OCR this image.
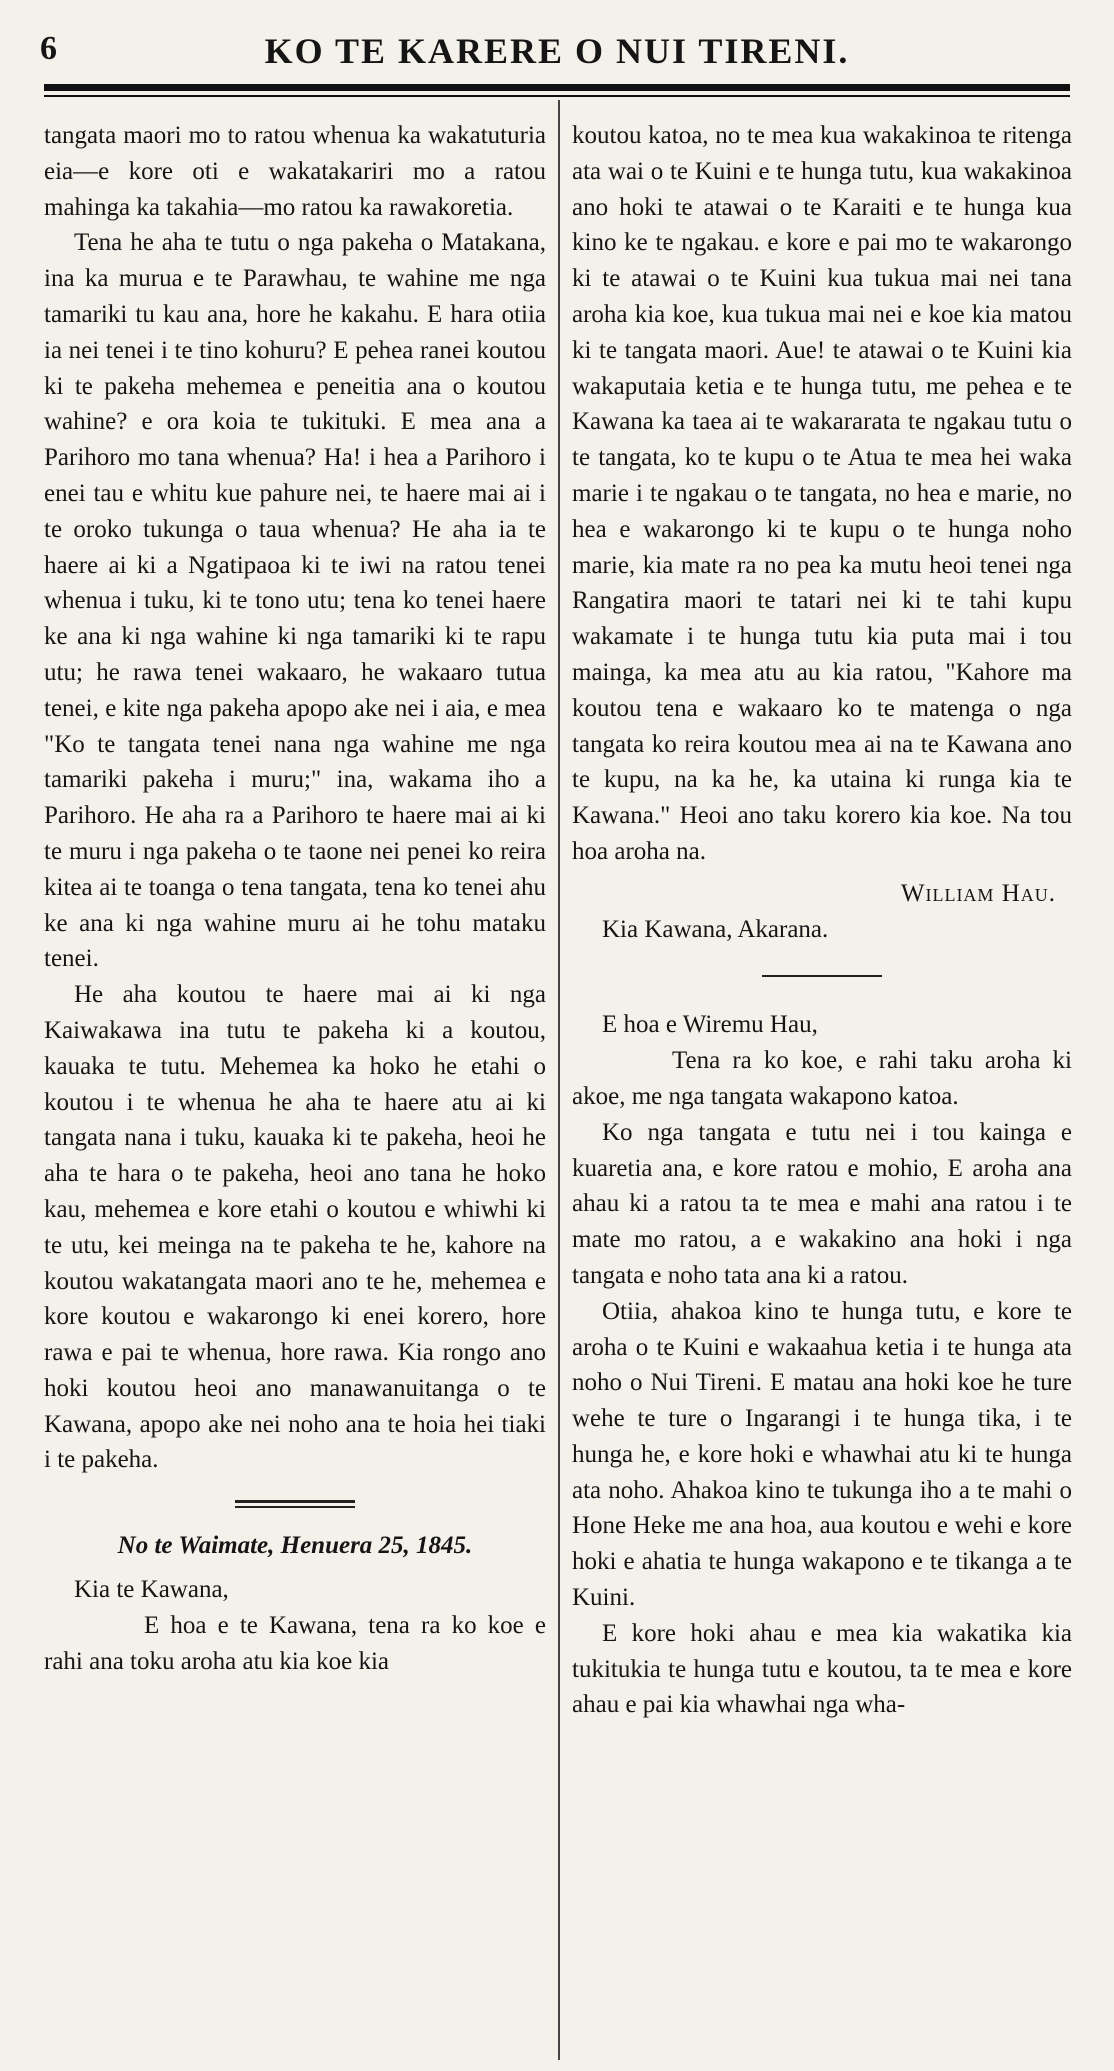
6	KO TE KARERE O NUI TIRENI.

tangata maori mo to ratou whenua ka wakatuturia eia—e kore oti e wakatakariri mo a ratou mahinga ka takahia—mo ratou ka rawakoretia.

Tena he aha te tutu o nga pakeha o Matakana, ina ka murua e te Parawhau, te wahine me nga tamariki tu kau ana, hore he kakahu. E hara otiia ia nei tenei i te tino kohuru? E pehea ranei koutou ki te pakeha mehemea e peneitia ana o koutou wahine? e ora koia te tukituki. E mea ana a Parihoro mo tana whenua? Ha! i hea a Parihoro i enei tau e whitu kue pahure nei, te haere mai ai i te oroko tukunga o taua whenua? He aha ia te haere ai ki a Ngatipaoa ki te iwi na ratou tenei whenua i tuku, ki te tono utu; tena ko tenei haere ke ana ki nga wahine ki nga tamariki ki te rapu utu; he rawa tenei wakaaro, he wakaaro tutua tenei, e kite nga pakeha apopo ake nei i aia, e mea "Ko te tangata tenei nana nga wahine me nga tamariki pakeha i muru;" ina, wakama iho a Parihoro. He aha ra a Parihoro te haere mai ai ki te muru i nga pakeha o te taone nei penei ko reira kitea ai te toanga o tena tangata, tena ko tenei ahu ke ana ki nga wahine muru ai he tohu mataku tenei.

He aha koutou te haere mai ai ki nga Kaiwakawa ina tutu te pakeha ki a koutou, kauaka te tutu. Mehemea ka hoko he etahi o koutou i te whenua he aha te haere atu ai ki tangata nana i tuku, kauaka ki te pakeha, heoi he aha te hara o te pakeha, heoi ano tana he hoko kau, mehemea e kore etahi o koutou e whiwhi ki te utu, kei meinga na te pakeha te he, kahore na koutou wakatangata maori ano te he, mehemea e kore koutou e wakarongo ki enei korero, hore rawa e pai te whenua, hore rawa. Kia rongo ano hoki koutou heoi ano manawanuitanga o te Kawana, apopo ake nei noho ana te hoia hei tiaki i te pakeha.

No te Waimate, Henuera 25, 1845.

Kia te Kawana,

E hoa e te Kawana, tena ra ko koe e rahi ana toku aroha atu kia koe kia

koutou katoa, no te mea kua wakakinoa te ritenga ata wai o te Kuini e te hunga tutu, kua wakakinoa ano hoki te atawai o te Karaiti e te hunga kua kino ke te ngakau. e kore e pai mo te wakarongo ki te atawai o te Kuini kua tukua mai nei tana aroha kia koe, kua tukua mai nei e koe kia matou ki te tangata maori. Aue! te atawai o te Kuini kia wakaputaia ketia e te hunga tutu, me pehea e te Kawana ka taea ai te wakararata te ngakau tutu o te tangata, ko te kupu o te Atua te mea hei waka marie i te ngakau o te tangata, no hea e marie, no hea e wakarongo ki te kupu o te hunga noho marie, kia mate ra no pea ka mutu heoi tenei nga Rangatira maori te tatari nei ki te tahi kupu wakamate i te hunga tutu kia puta mai i tou mainga, ka mea atu au kia ratou, "Kahore ma koutou tena e wakaaro ko te matenga o nga tangata ko reira koutou mea ai na te Kawana ano te kupu, na ka he, ka utaina ki runga kia te Kawana." Heoi ano taku korero kia koe. Na tou hoa aroha na.

William Hau.

Kia Kawana, Akarana.

E hoa e Wiremu Hau,

Tena ra ko koe, e rahi taku aroha ki akoe, me nga tangata wakapono katoa.

Ko nga tangata e tutu nei i tou kainga e kuaretia ana, e kore ratou e mohio, E aroha ana ahau ki a ratou ta te mea e mahi ana ratou i te mate mo ratou, a e wakakino ana hoki i nga tangata e noho tata ana ki a ratou.

Otiia, ahakoa kino te hunga tutu, e kore te aroha o te Kuini e wakaahua ketia i te hunga ata noho o Nui Tireni. E matau ana hoki koe he ture wehe te ture o Ingarangi i te hunga tika, i te hunga he, e kore hoki e whawhai atu ki te hunga ata noho. Ahakoa kino te tukunga iho a te mahi o Hone Heke me ana hoa, aua koutou e wehi e kore hoki e ahatia te hunga wakapono e te tikanga a te Kuini.

E kore hoki ahau e mea kia wakatika kia tukitukia te hunga tutu e koutou, ta te mea e kore ahau e pai kia whawhai nga wha-
